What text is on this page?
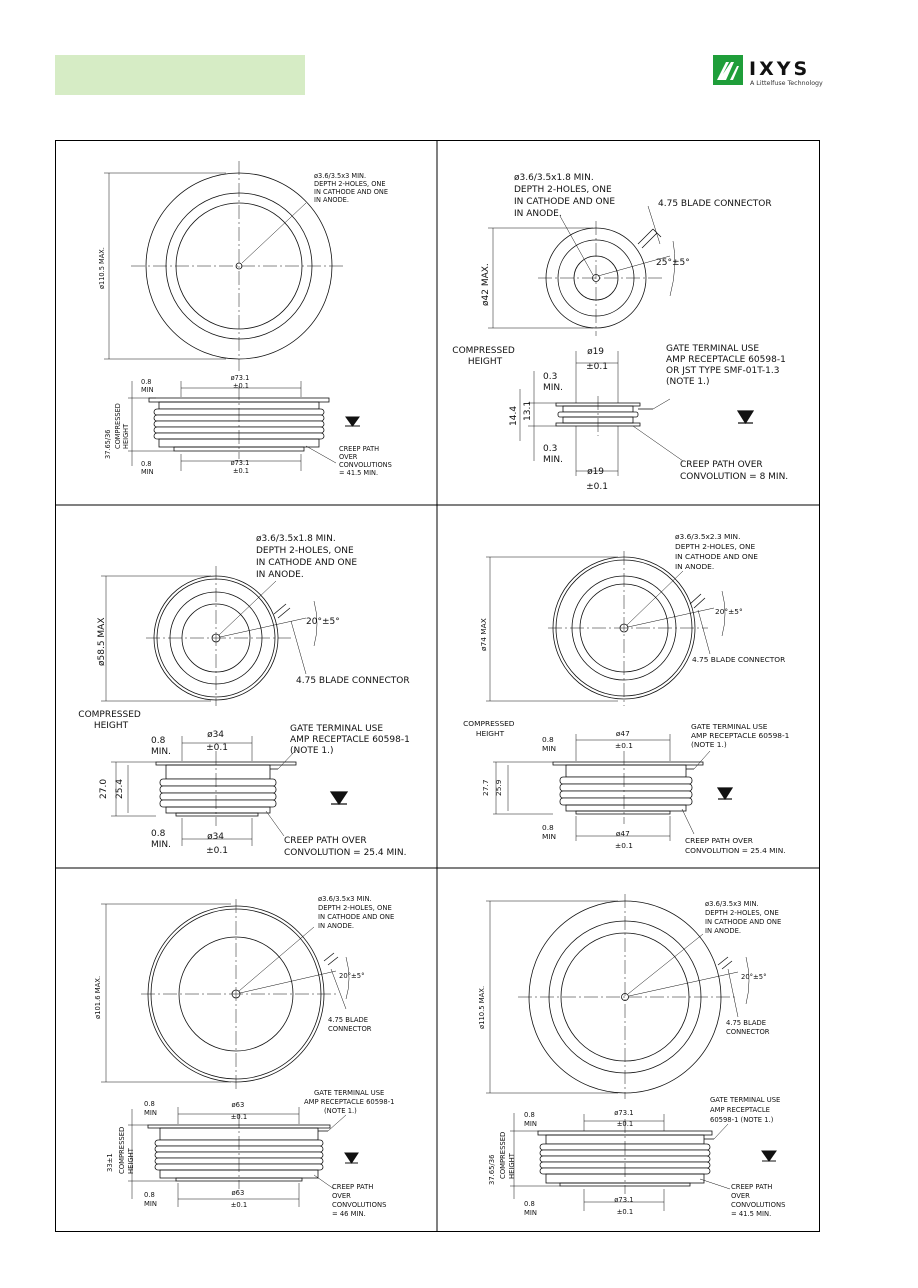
IXYS
A Littelfuse Technology
ø3.6/3.5x3 MIN. DEPTH 2-HOLES, ONE IN CATHODE AND ONE IN ANODE.
ø110.5 MAX.
ø73.1 ±0.1
ø73.1 ±0.1
0.8 MIN
0.8 MIN
37.65/36 COMPRESSED HEIGHT	CREEP PATH OVER CONVOLUTIONS = 41.5 MIN.
ø3.6/3.5x1.8 MIN. DEPTH 2-HOLES, ONE IN CATHODE AND ONE IN ANODE.
4.75 BLADE CONNECTOR
25°±5°
ø42 MAX.
COMPRESSED HEIGHT
ø19 ±0.1
ø19 ±0.1
0.3 MIN.
0.3 MIN.
14.4 13.1
GATE TERMINAL USE AMP RECEPTACLE 60598-1 OR JST TYPE SMF-01T-1.3 (NOTE 1.)
CREEP PATH OVER CONVOLUTION = 8 MIN.
ø3.6/3.5x1.8 MIN. DEPTH 2-HOLES, ONE IN CATHODE AND ONE IN ANODE.
20°±5°
4.75 BLADE CONNECTOR
ø58.5 MAX
COMPRESSED HEIGHT
ø34 ±0.1
ø34 ±0.1
0.8 MIN.
0.8 MIN.
27.0 25.4
GATE TERMINAL USE AMP RECEPTACLE 60598-1 (NOTE 1.)
CREEP PATH OVER CONVOLUTION = 25.4 MIN.
ø3.6/3.5x2.3 MIN. DEPTH 2-HOLES, ONE IN CATHODE AND ONE IN ANODE.
20°±5°
4.75 BLADE CONNECTOR
ø74 MAX
COMPRESSED HEIGHT	ø47 ±0.1
ø47 ±0.1
0.8 MIN
0.8 MIN
27.7 25.9
GATE TERMINAL USE AMP RECEPTACLE 60598-1 (NOTE 1.)
CREEP PATH OVER CONVOLUTION = 25.4 MIN.
ø3.6/3.5x3 MIN. DEPTH 2-HOLES, ONE IN CATHODE AND ONE IN ANODE.
20°±5°
4.75 BLADE CONNECTOR
ø101.6 MAX.
GATE TERMINAL USE AMP RECEPTACLE 60598-1 (NOTE 1.)
ø63 ±0.1
ø63 ±0.1
0.8 MIN
0.8 MIN
33±1 COMPRESSED HEIGHT
CREEP PATH OVER CONVOLUTIONS = 46 MIN.
ø3.6/3.5x3 MIN. DEPTH 2-HOLES, ONE IN CATHODE AND ONE IN ANODE.
20°±5°
4.75 BLADE CONNECTOR
ø110.5 MAX.
GATE TERMINAL USE AMP RECEPTACLE 60598-1 (NOTE 1.)
ø73.1 ±0.1
ø73.1 ±0.1
0.8 MIN
0.8 MIN
37.65/36 COMPRESSED HEIGHT
CREEP PATH OVER CONVOLUTIONS = 41.5 MIN.
